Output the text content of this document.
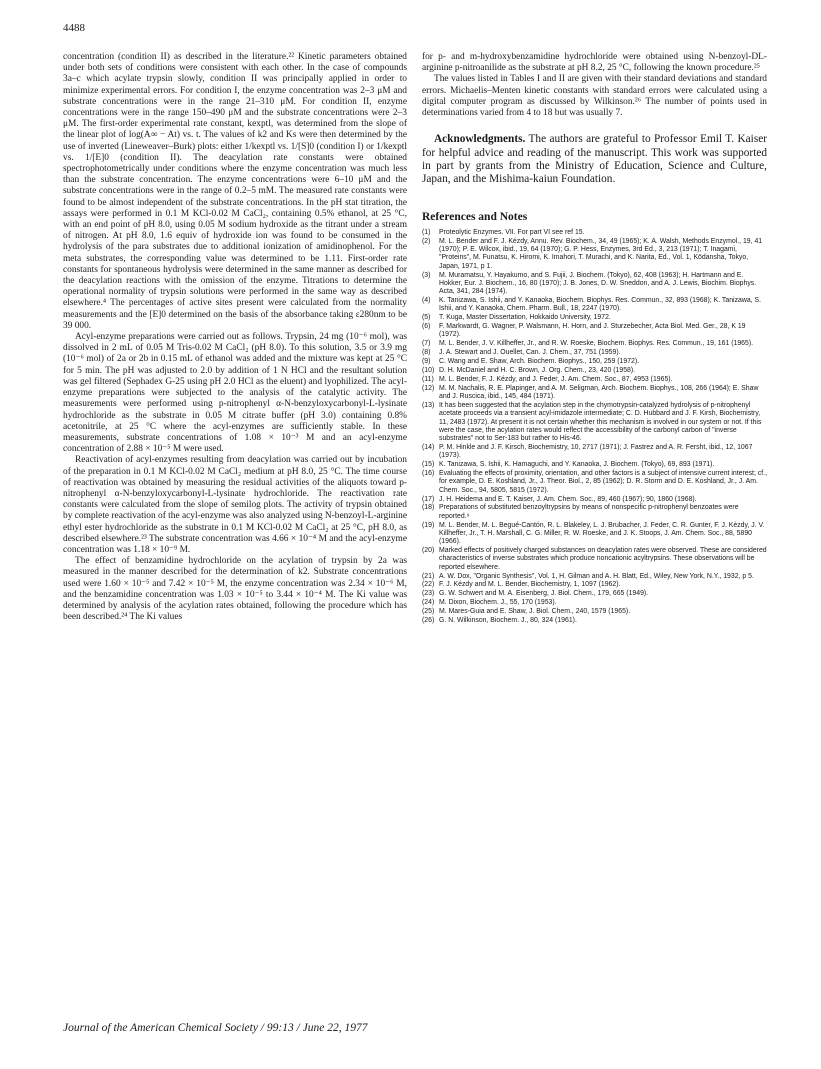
4488

concentration (condition II) as described in the literature.²² Kinetic parameters obtained under both sets of conditions were consistent with each other. In the case of compounds 3a–c which acylate trypsin slowly, condition II was principally applied in order to minimize experimental errors. For condition I, the enzyme concentration was 2–3 μM and substrate concentrations were in the range 21–310 μM. For condition II, enzyme concentrations were in the range 150–490 μM and the substrate concentrations were 2–3 μM. The first-order experimental rate constant, kexptl, was determined from the slope of the linear plot of log(A∞ − At) vs. t. The values of k2 and Ks were then determined by the use of inverted (Lineweaver–Burk) plots: either 1/kexptl vs. 1/[S]0 (condition I) or 1/kexptl vs. 1/[E]0 (condition II). The deacylation rate constants were obtained spectrophotometrically under conditions where the enzyme concentration was much less than the substrate concentration. The enzyme concentrations were 6–10 μM and the substrate concentrations were in the range of 0.2–5 mM. The measured rate constants were found to be almost independent of the substrate concentrations. In the pH stat titration, the assays were performed in 0.1 M KCl-0.02 M CaCl₂, containing 0.5% ethanol, at 25 °C, with an end point of pH 8.0, using 0.05 M sodium hydroxide as the titrant under a stream of nitrogen. At pH 8.0, 1.6 equiv of hydroxide ion was found to be consumed in the hydrolysis of the para substrates due to additional ionization of amidinophenol. For the meta substrates, the corresponding value was determined to be 1.11. First-order rate constants for spontaneous hydrolysis were determined in the same manner as described for the deacylation reactions with the omission of the enzyme. Titrations to determine the operational normality of trypsin solutions were performed in the same way as described elsewhere.⁴ The percentages of active sites present were calculated from the normality measurements and the [E]0 determined on the basis of the absorbance taking ε280nm to be 39 000.

Acyl-enzyme preparations were carried out as follows. Trypsin, 24 mg (10⁻⁶ mol), was dissolved in 2 mL of 0.05 M Tris-0.02 M CaCl₂ (pH 8.0). To this solution, 3.5 or 3.9 mg (10⁻⁶ mol) of 2a or 2b in 0.15 mL of ethanol was added and the mixture was kept at 25 °C for 5 min. The pH was adjusted to 2.0 by addition of 1 N HCl and the resultant solution was gel filtered (Sephadex G-25 using pH 2.0 HCl as the eluent) and lyophilized. The acyl-enzyme preparations were subjected to the analysis of the catalytic activity. The measurements were performed using p-nitrophenyl α-N-benzyloxycarbonyl-L-lysinate hydrochloride as the substrate in 0.05 M citrate buffer (pH 3.0) containing 0.8% acetonitrile, at 25 °C where the acyl-enzymes are sufficiently stable. In these measurements, substrate concentrations of 1.08 × 10⁻³ M and an acyl-enzyme concentration of 2.88 × 10⁻⁵ M were used.

Reactivation of acyl-enzymes resulting from deacylation was carried out by incubation of the preparation in 0.1 M KCl-0.02 M CaCl₂ medium at pH 8.0, 25 °C. The time course of reactivation was obtained by measuring the residual activities of the aliquots toward p-nitrophenyl α-N-benzyloxycarbonyl-L-lysinate hydrochloride. The reactivation rate constants were calculated from the slope of semilog plots. The activity of trypsin obtained by complete reactivation of the acyl-enzyme was also analyzed using N-benzoyl-L-arginine ethyl ester hydrochloride as the substrate in 0.1 M KCl-0.02 M CaCl₂ at 25 °C, pH 8.0, as described elsewhere.²³ The substrate concentration was 4.66 × 10⁻⁴ M and the acyl-enzyme concentration was 1.18 × 10⁻⁹ M.

The effect of benzamidine hydrochloride on the acylation of trypsin by 2a was measured in the manner described for the determination of k2. Substrate concentrations used were 1.60 × 10⁻⁵ and 7.42 × 10⁻⁵ M, the enzyme concentration was 2.34 × 10⁻⁶ M, and the benzamidine concentration was 1.03 × 10⁻⁵ to 3.44 × 10⁻⁴ M. The Ki value was determined by analysis of the acylation rates obtained, following the procedure which has been described.²⁴ The Ki values

for p- and m-hydroxybenzamidine hydrochloride were obtained using N-benzoyl-DL-arginine p-nitroanilide as the substrate at pH 8.2, 25 °C, following the known procedure.²⁵

The values listed in Tables I and II are given with their standard deviations and standard errors. Michaelis–Menten kinetic constants with standard errors were calculated using a digital computer program as discussed by Wilkinson.²⁶ The number of points used in determinations varied from 4 to 18 but was usually 7.

Acknowledgments. The authors are grateful to Professor Emil T. Kaiser for helpful advice and reading of the manuscript. This work was supported in part by grants from the Ministry of Education, Science and Culture, Japan, and the Mishima-kaiun Foundation.

References and Notes
(1)	Proteolytic Enzymes. VII. For part VI see ref 15.
(2)	M. L. Bender and F. J. Kézdy, Annu. Rev. Biochem., 34, 49 (1965); K. A. Walsh, Methods Enzymol., 19, 41 (1970); P. E. Wilcox, ibid., 19, 64 (1970); G. P. Hess, Enzymes, 3rd Ed., 3, 213 (1971); T. Inagami, "Proteins", M. Funatsu, K. Hiromi, K. Imahori, T. Murachi, and K. Narita, Ed., Vol. 1, Kōdansha, Tokyo, Japan, 1971, p 1.
(3)	M. Muramatsu, Y. Hayakumo, and S. Fujii, J. Biochem. (Tokyo), 62, 408 (1963); H. Hartmann and E. Hokker, Eur. J. Biochem., 16, 80 (1970); J. B. Jones, D. W. Sneddon, and A. J. Lewis, Biochim. Biophys. Acta, 341, 284 (1974).
(4)	K. Tanizawa, S. Ishii, and Y. Kanaoka, Biochem. Biophys. Res. Commun., 32, 893 (1968); K. Tanizawa, S. Ishii, and Y. Kanaoka, Chem. Pharm. Bull., 18, 2247 (1970).
(5)	T. Kuga, Master Dissertation, Hokkaido University, 1972.
(6)	F. Markwardt, G. Wagner, P. Walsmann, H. Horn, and J. Sturzebecher, Acta Biol. Med. Ger., 28, K 19 (1972).
(7)	M. L. Bender, J. V. Killheffer, Jr., and R. W. Roeske, Biochem. Biophys. Res. Commun., 19, 161 (1965).
(8)	J. A. Stewart and J. Ouellet, Can. J. Chem., 37, 751 (1959).
(9)	C. Wang and E. Shaw, Arch. Biochem. Biophys., 150, 259 (1972).
(10) D. H. McDaniel and H. C. Brown, J. Org. Chem., 23, 420 (1958).
(11) M. L. Bender, F. J. Kézdy, and J. Feder, J. Am. Chem. Soc., 87, 4953 (1965).
(12) M. M. Nachalis, R. E. Plapinger, and A. M. Seligman, Arch. Biochem. Biophys., 108, 266 (1964); E. Shaw and J. Ruscica, ibid., 145, 484 (1971).
(13) It has been suggested that the acylation step in the chymotrypsin-catalyzed hydrolysis of p-nitrophenyl acetate proceeds via a transient acyl-imidazole intermediate; C. D. Hubbard and J. F. Kirsh, Biochemistry, 11, 2483 (1972). At present it is not certain whether this mechanism is involved in our system or not. If this were the case, the acylation rates would reflect the accessibility of the carbonyl carbon of "inverse substrates" not to Ser-183 but rather to His-46.
(14) P. M. Hinkle and J. F. Kirsch, Biochemistry, 10, 2717 (1971); J. Fastrez and A. R. Fersht, ibid., 12, 1067 (1973).
(15) K. Tanizawa, S. Ishii, K. Hamaguchi, and Y. Kanaoka, J. Biochem. (Tokyo), 69, 893 (1971).
(16) Evaluating the effects of proximity, orientation, and other factors is a subject of intensive current interest; cf., for example, D. E. Koshland, Jr., J. Theor. Biol., 2, 85 (1962); D. R. Storm and D. E. Koshland, Jr., J. Am. Chem. Soc., 94, 5805, 5815 (1972).
(17) J. H. Heidema and E. T. Kaiser, J. Am. Chem. Soc., 89, 460 (1967); 90, 1860 (1968).
(18) Preparations of substituted benzoyltrypsins by means of nonspecific p-nitrophenyl benzoates were reported.⁹
(19) M. L. Bender, M. L. Begué-Cantón, R. L. Blakeley, L. J. Brubacher, J. Feder, C. R. Gunter, F. J. Kézdy, J. V. Killheffer, Jr., T. H. Marshall, C. G. Miller, R. W. Roeske, and J. K. Stoops, J. Am. Chem. Soc., 88, 5890 (1966).
(20) Marked effects of positively charged substances on deacylation rates were observed. These are considered characteristics of inverse substrates which produce noncationic acyltrypsins. These observations will be reported elsewhere.
(21) A. W. Dox, "Organic Synthesis", Vol. 1, H. Gilman and A. H. Blatt, Ed., Wiley, New York, N.Y., 1932, p 5.
(22) F. J. Kézdy and M. L. Bender, Biochemistry, 1, 1097 (1962).
(23) G. W. Schwert and M. A. Eisenberg, J. Biol. Chem., 179, 665 (1949).
(24) M. Dixon, Biochem. J., 55, 170 (1953).
(25) M. Mares-Guia and E. Shaw, J. Biol. Chem., 240, 1579 (1965).
(26) G. N. Wilkinson, Biochem. J., 80, 324 (1961).
Journal of the American Chemical Society / 99:13 / June 22, 1977
